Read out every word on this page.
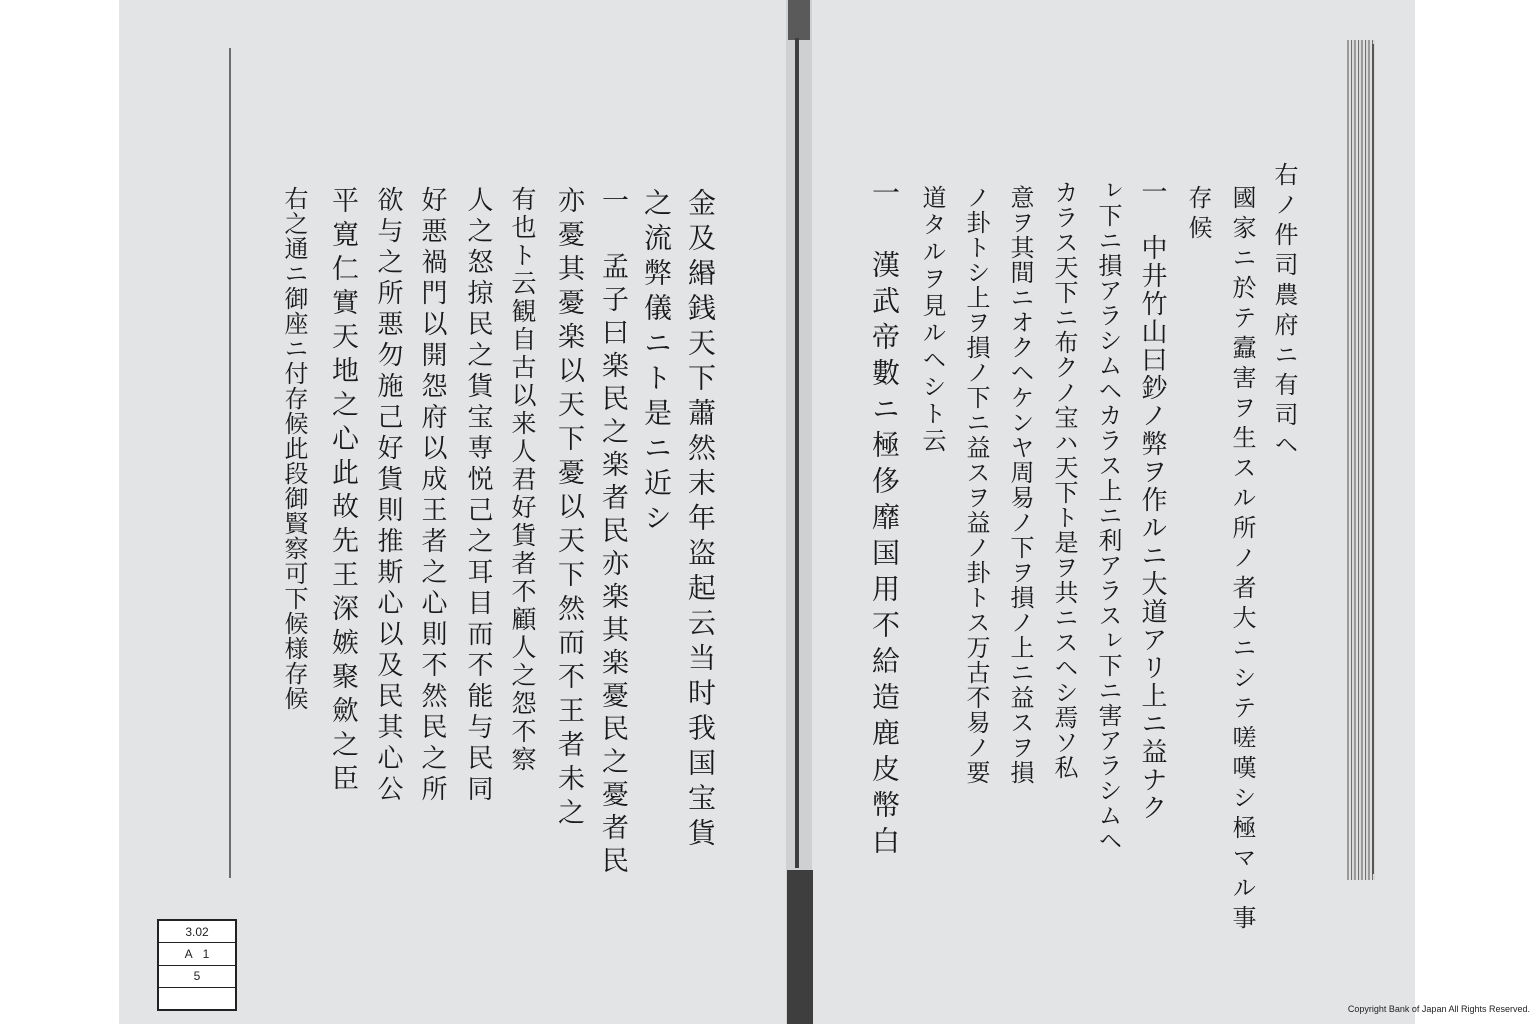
右ノ件司農府ニ有司ヘ
國家ニ於テ蠧害ヲ生スル所ノ者大ニシテ嗟嘆シ極マル事
存候
一　中井竹山曰鈔ノ弊ヲ作ルニ大道アリ上ニ益ナク
ㇾ下ニ損アラシムヘカラス上ニ利アラスㇾ下ニ害アラシムヘ
カラス天下ニ布クノ宝ハ天下ト是ヲ共ニスヘシ焉ソ私
意ヲ其間ニオクヘケンヤ周易ノ下ヲ損ノ上ニ益スヲ損
ノ卦トシ上ヲ損ノ下ニ益スヲ益ノ卦トス万古不易ノ要
道タルヲ見ルヘシト云
一　漢武帝數ニ極侈靡国用不給造鹿皮幣白
金及緡銭天下蕭然末年盗起云当时我国宝貨
之流弊儀ニト是ニ近シ
一　孟子曰楽民之楽者民亦楽其楽憂民之憂者民
亦憂其憂楽以天下憂以天下然而不王者未之
有也ト云観自古以来人君好貨者不顧人之怨不察
人之怒掠民之貨宝専悦己之耳目而不能与民同
好悪禍門以開怨府以成王者之心則不然民之所
欲与之所悪勿施己好貨則推斯心以及民其心公
平寛仁實天地之心此故先王深嫉聚歛之臣
右之通ニ御座ニ付存候此段御賢察可下候様存候
3.02
A 1
5
Copyright Bank of Japan All Rights Reserved.
